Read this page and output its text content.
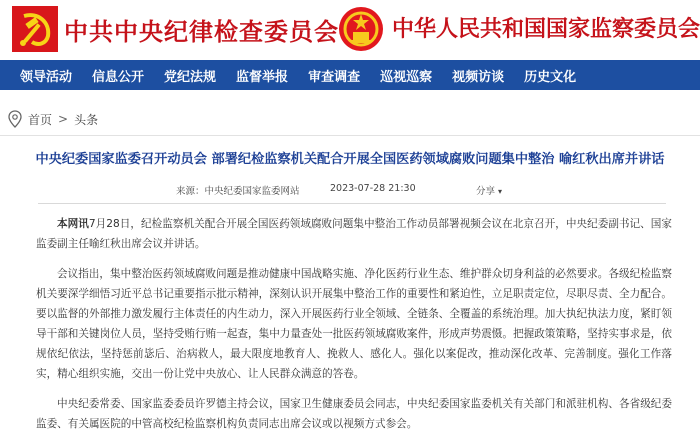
中共中央纪律检查委员会 中华人民共和国国家监察委员会
领导活动 信息公开 党纪法规 监督举报 审查调查 巡视巡察 视频访谈 历史文化
首页 > 头条
中央纪委国家监委召开动员会 部署纪检监察机关配合开展全国医药领域腐败问题集中整治 喻红秋出席并讲话
来源：中央纪委国家监委网站	2023-07-28 21:30	分享 ▾

本网讯7月28日，纪检监察机关配合开展全国医药领域腐败问题集中整治工作动员部署视频会议在北京召开，中央纪委副书记、国家监委副主任喻红秋出席会议并讲话。

会议指出，集中整治医药领域腐败问题是推动健康中国战略实施、净化医药行业生态、维护群众切身利益的必然要求。各级纪检监察机关要深学细悟习近平总书记重要指示批示精神，深刻认识开展集中整治工作的重要性和紧迫性，立足职责定位，尽职尽责、全力配合。要以监督的外部推力激发履行主体责任的内生动力，深入开展医药行业全领域、全链条、全覆盖的系统治理。加大执纪执法力度，紧盯领导干部和关键岗位人员，坚持受贿行贿一起查，集中力量查处一批医药领域腐败案件，形成声势震慑。把握政策策略，坚持实事求是，依规依纪依法，坚持惩前毖后、治病救人，最大限度地教育人、挽救人、感化人。强化以案促改，推动深化改革、完善制度。强化工作落实，精心组织实施，交出一份让党中央放心、让人民群众满意的答卷。

中央纪委常委、国家监委委员许罗德主持会议，国家卫生健康委员会同志，中央纪委国家监委机关有关部门和派驻机构、各省级纪委监委、有关属医院的中管高校纪检监察机构负责同志出席会议或以视频方式参会。
